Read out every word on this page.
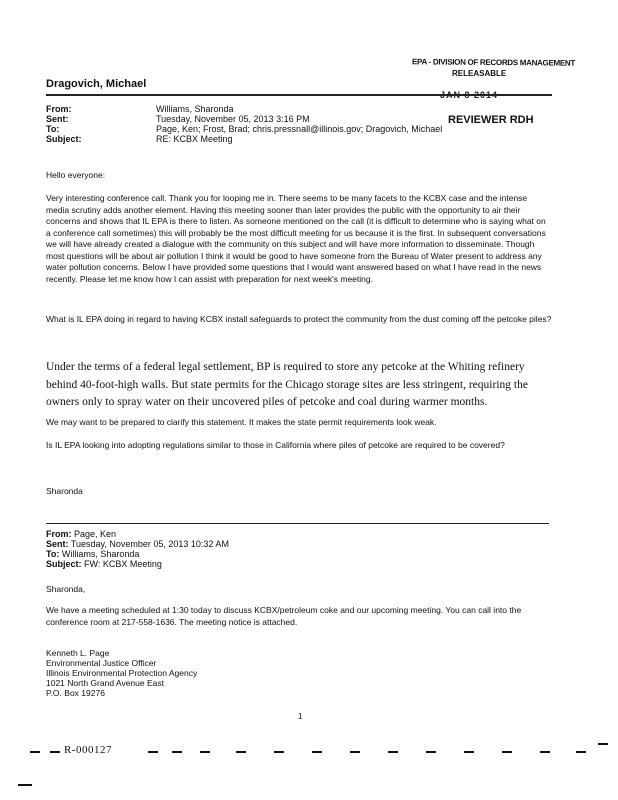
EPA - DIVISION OF RECORDS MANAGEMENT
RELEASABLE
REVIEWER RDH
Dragovich, Michael
From:	Williams, Sharonda
Sent:	Tuesday, November 05, 2013 3:16 PM
To:	Page, Ken; Frost, Brad; chris.pressnall@illinois.gov; Dragovich, Michael
Subject:	RE: KCBX Meeting
Hello everyone:
Very interesting conference call. Thank you for looping me in. There seems to be many facets to the KCBX case and the intense media scrutiny adds another element. Having this meeting sooner than later provides the public with the opportunity to air their concerns and shows that IL EPA is there to listen. As someone mentioned on the call (it is difficult to determine who is saying what on a conference call sometimes) this will probably be the most difficult meeting for us because it is the first. In subsequent conversations we will have already created a dialogue with the community on this subject and will have more information to disseminate. Though most questions will be about air pollution I think it would be good to have someone from the Bureau of Water present to address any water pollution concerns. Below I have provided some questions that I would want answered based on what I have read in the news recently. Please let me know how I can assist with preparation for next week's meeting.
What is IL EPA doing in regard to having KCBX install safeguards to protect the community from the dust coming off the petcoke piles?
Under the terms of a federal legal settlement, BP is required to store any petcoke at the Whiting refinery behind 40-foot-high walls. But state permits for the Chicago storage sites are less stringent, requiring the owners only to spray water on their uncovered piles of petcoke and coal during warmer months.
We may want to be prepared to clarify this statement. It makes the state permit requirements look weak.
Is IL EPA looking into adopting regulations similar to those in California where piles of petcoke are required to be covered?
Sharonda
From: Page, Ken
Sent: Tuesday, November 05, 2013 10:32 AM
To: Williams, Sharonda
Subject: FW: KCBX Meeting
Sharonda,
We have a meeting scheduled at 1:30 today to discuss KCBX/petroleum coke and our upcoming meeting. You can call into the conference room at 217-558-1636. The meeting notice is attached.
Kenneth L. Page
Environmental Justice Officer
Illinois Environmental Protection Agency
1021 North Grand Avenue East
P.O. Box 19276
1
R-000127
